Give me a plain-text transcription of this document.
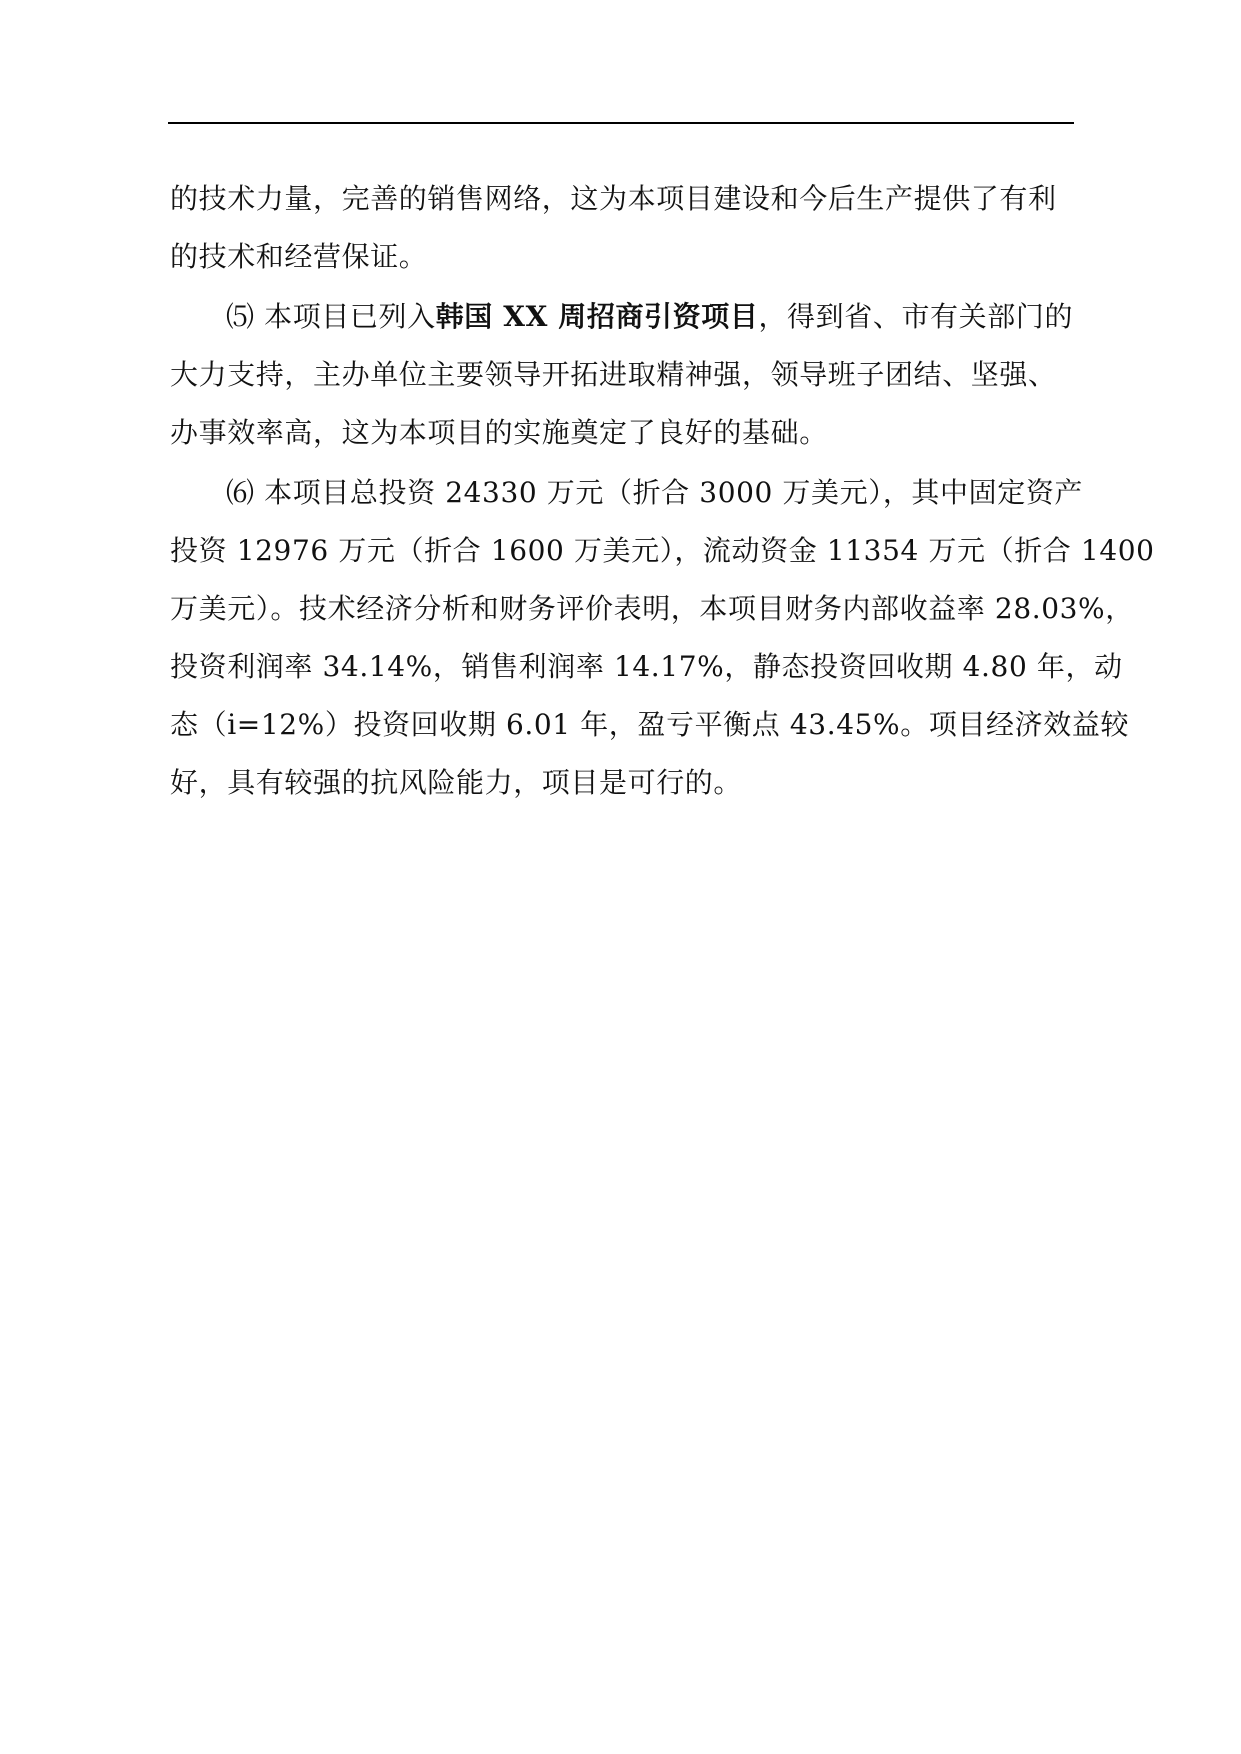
的技术力量，完善的销售网络，这为本项目建设和今后生产提供了有利
的技术和经营保证。
⑸ 本项目已列入韩国 XX 周招商引资项目，得到省、市有关部门的
大力支持，主办单位主要领导开拓进取精神强，领导班子团结、坚强、
办事效率高，这为本项目的实施奠定了良好的基础。
⑹ 本项目总投资 24330 万元（折合 3000 万美元），其中固定资产
投资 12976 万元（折合 1600 万美元），流动资金 11354 万元（折合 1400
万美元）。技术经济分析和财务评价表明，本项目财务内部收益率 28.03%，
投资利润率 34.14%，销售利润率 14.17%，静态投资回收期 4.80 年，动
态（i=12%）投资回收期 6.01 年，盈亏平衡点 43.45%。项目经济效益较
好，具有较强的抗风险能力，项目是可行的。
